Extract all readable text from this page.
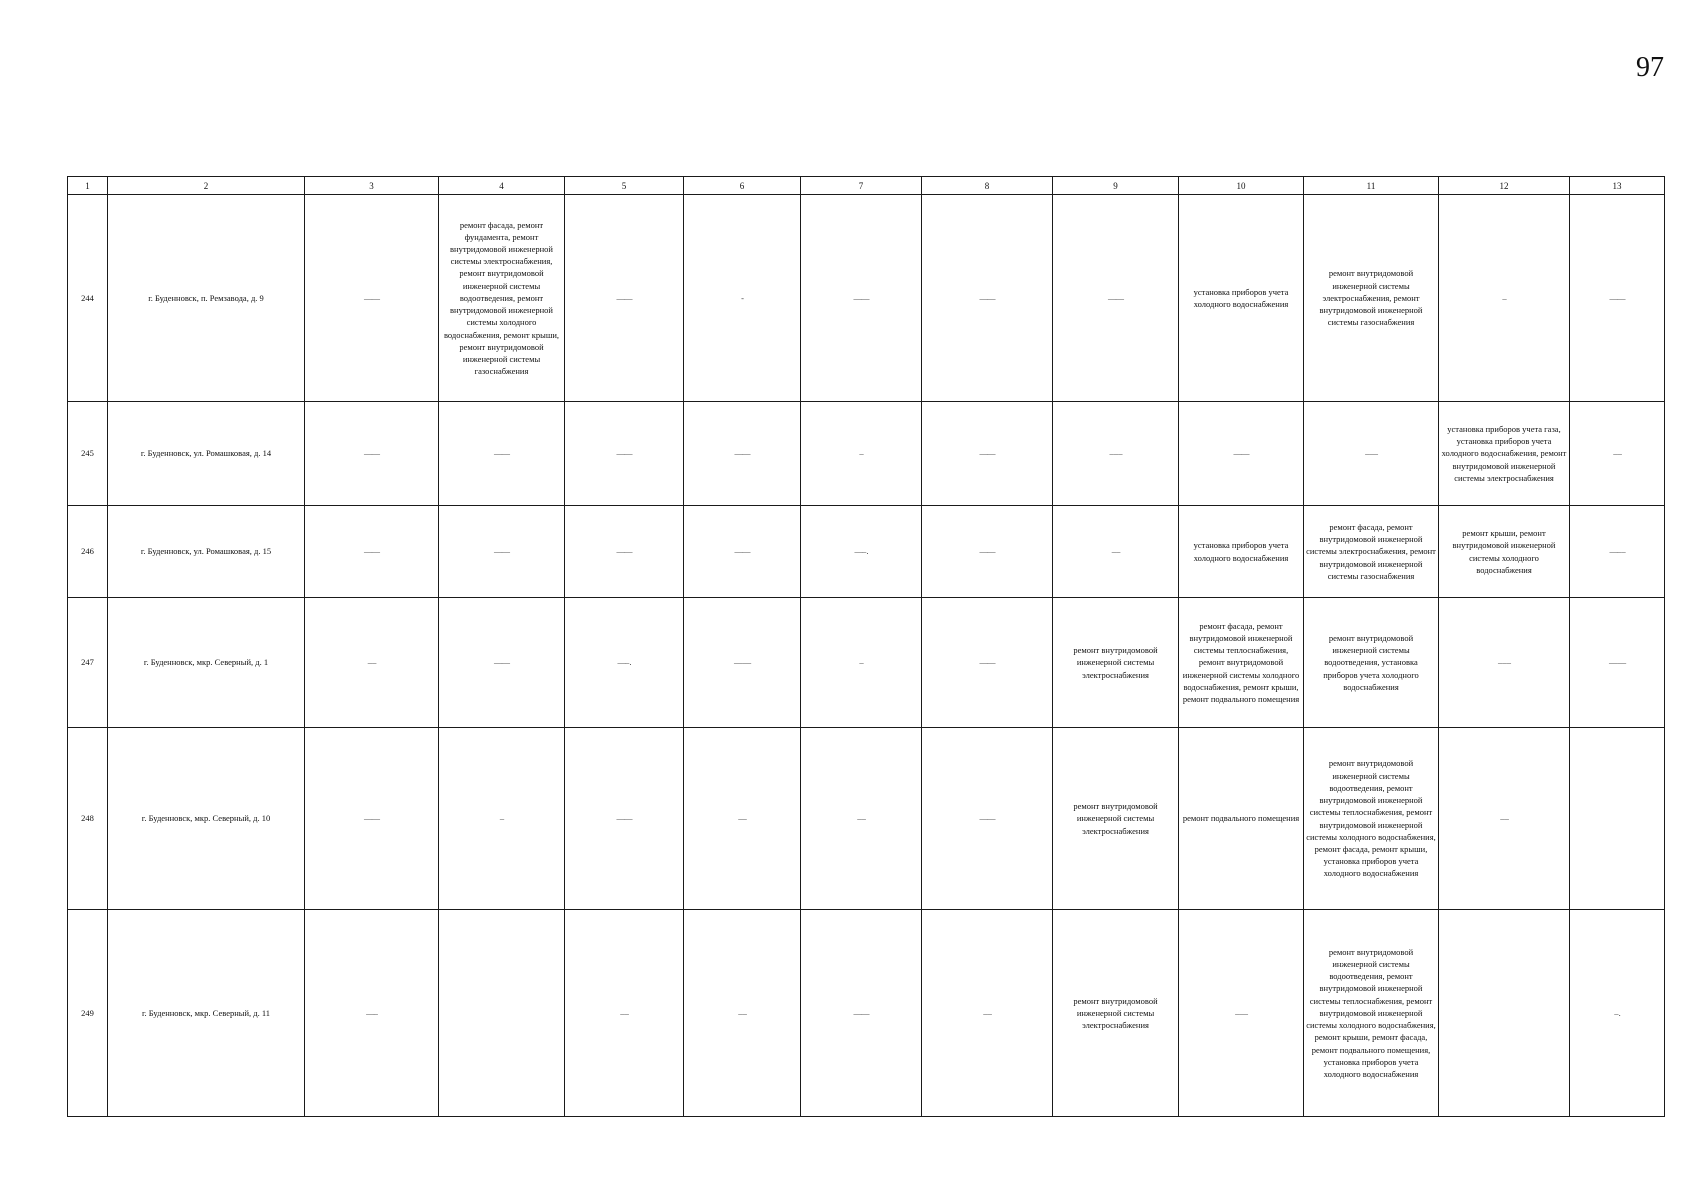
97
1	2	3	4	5	6	7	8	9	10	11	12	13
244	г. Буденновск, п. Ремзавода, д. 9	——	ремонт фасада, ремонт фундамента, ремонт внутридомовой инженерной системы электроснабжения, ремонт внутридомовой инженерной системы водоотведения, ремонт внутридомовой инженерной системы холодного водоснабжения, ремонт крыши, ремонт внутридомовой инженерной системы газоснабжения	——	-	——	——	——	установка приборов учета холодного водоснабжения	ремонт внутридомовой инженерной системы электроснабжения, ремонт внутридомовой инженерной системы газоснабжения	–	——
245	г. Буденновск, ул. Ромашковая, д. 14	——	——	——	——	–	——	– – –	——	– —	установка приборов учета газа, установка приборов учета холодного водоснабжения, ремонт внутридомовой инженерной системы электроснабжения	– –
246	г. Буденновск, ул. Ромашковая, д. 15	——	——	——	——	—– .	——	– –	установка приборов учета холодного водоснабжения	ремонт фасада, ремонт внутридомовой инженерной системы электроснабжения, ремонт внутридомовой инженерной системы газоснабжения	ремонт крыши, ремонт внутридомовой инженерной системы холодного водоснабжения	—– –
247	г. Буденновск, мкр. Северный, д. 1	– –	——	—– .	— —	–	——	ремонт внутридомовой инженерной системы электроснабжения	ремонт фасада, ремонт внутридомовой инженерной системы теплоснабжения, ремонт внутридомовой инженерной системы холодного водоснабжения, ремонт крыши, ремонт подвального помещения	ремонт внутридомовой инженерной системы водоотведения, установка приборов учета холодного водоснабжения	– – –	— —
248	г. Буденновск, мкр. Северный, д. 10	——	–	——	—	– –	——	ремонт внутридомовой инженерной системы электроснабжения	ремонт подвального помещения	ремонт внутридомовой инженерной системы водоотведения, ремонт внутридомовой инженерной системы теплоснабжения, ремонт внутридомовой инженерной системы холодного водоснабжения, ремонт фасада, ремонт крыши, установка приборов учета холодного водоснабжения	– –	
249	г. Буденновск, мкр. Северный, д. 11	—–		– –	– –	——	– –	ремонт внутридомовой инженерной системы электроснабжения	– —	ремонт внутридомовой инженерной системы водоотведения, ремонт внутридомовой инженерной системы теплоснабжения, ремонт внутридомовой инженерной системы холодного водоснабжения, ремонт крыши, ремонт фасада, ремонт подвального помещения, установка приборов учета холодного водоснабжения		– .
